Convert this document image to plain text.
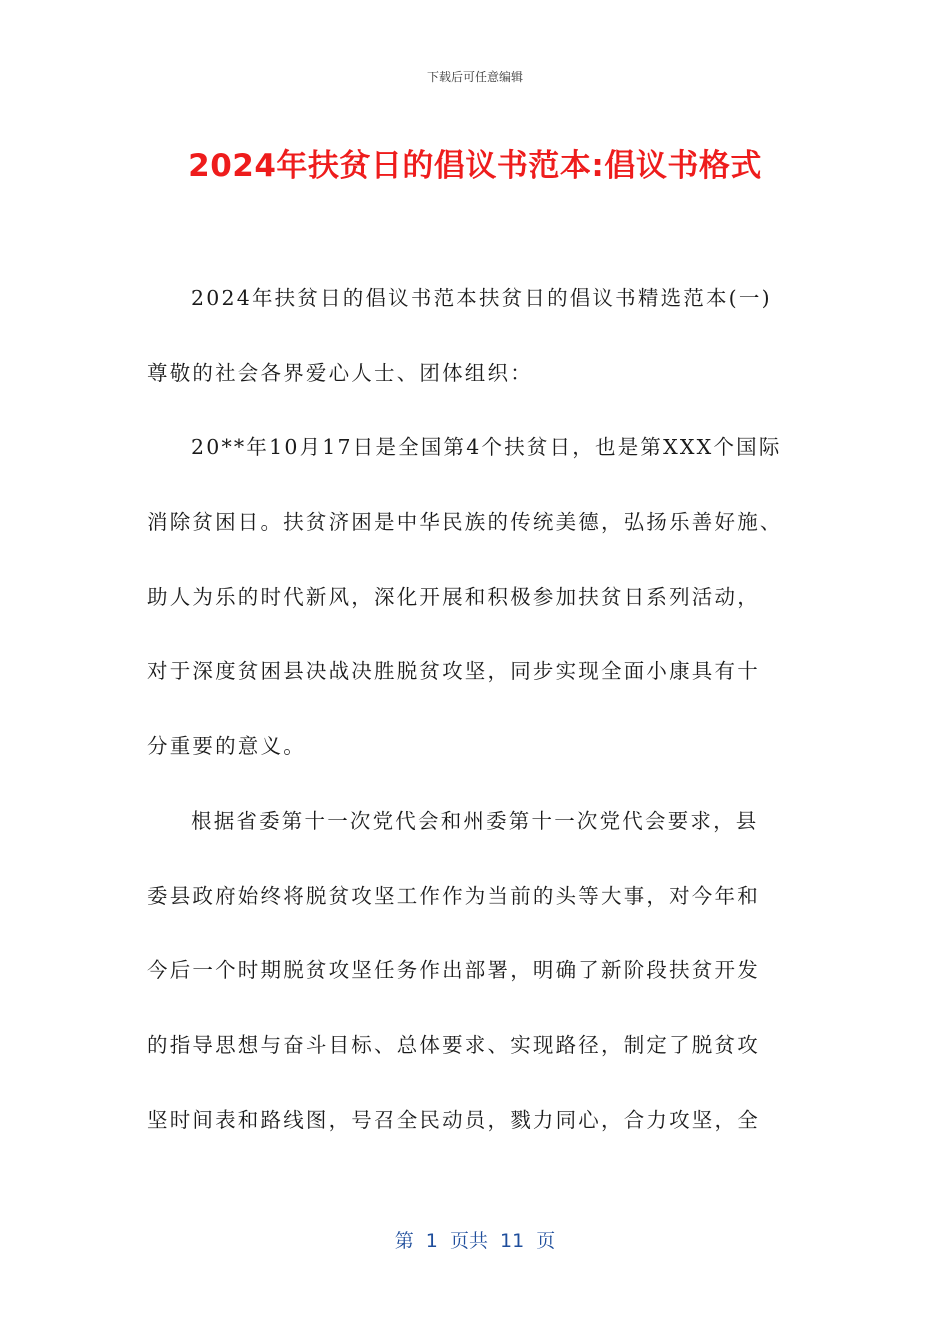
下载后可任意编辑
2024年扶贫日的倡议书范本:倡议书格式
2024年扶贫日的倡议书范本扶贫日的倡议书精选范本(一)
尊敬的社会各界爱心人士、团体组织：
20**年10月17日是全国第4个扶贫日，也是第XXX个国际
消除贫困日。扶贫济困是中华民族的传统美德，弘扬乐善好施、
助人为乐的时代新风，深化开展和积极参加扶贫日系列活动，
对于深度贫困县决战决胜脱贫攻坚，同步实现全面小康具有十
分重要的意义。
根据省委第十一次党代会和州委第十一次党代会要求，县
委县政府始终将脱贫攻坚工作作为当前的头等大事，对今年和
今后一个时期脱贫攻坚任务作出部署，明确了新阶段扶贫开发
的指导思想与奋斗目标、总体要求、实现路径，制定了脱贫攻
坚时间表和路线图，号召全民动员，戮力同心，合力攻坚，全
第  1  页共  11  页
